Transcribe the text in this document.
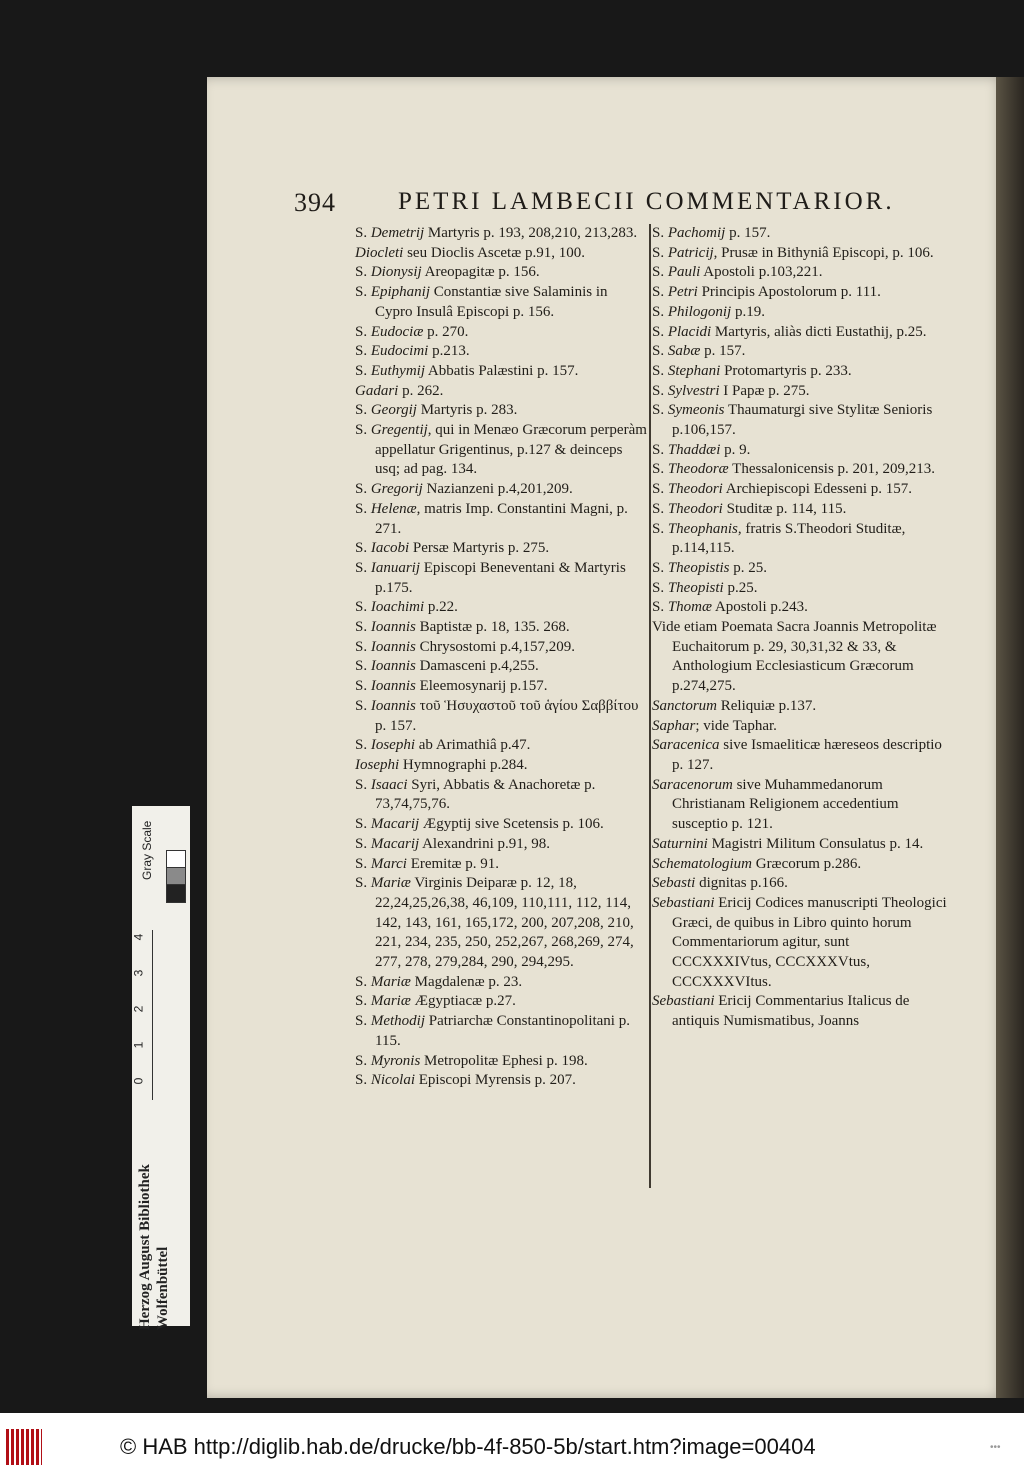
394 PETRI LAMBECII COMMENTARIOR.
S. Demetrij Martyris p. 193, 208,210, 213,283.
Diocleti seu Dioclis Ascetæ p.91, 100.
S. Dionysij Areopagitæ p. 156.
S. Epiphanij Constantiæ sive Salaminis in Cypro Insulâ Episcopi p. 156.
S. Eudociæ p. 270.
S. Eudocimi p.213.
S. Euthymij Abbatis Palæstini p. 157.
Gadari p. 262.
S. Georgij Martyris p. 283.
S. Gregentij, qui in Menæo Græcorum perperàm appellatur Grigentinus, p.127 & deinceps usq; ad pag. 134.
S. Gregorij Nazianzeni p.4,201,209.
S. Helenæ, matris Imp. Constantini Magni, p. 271.
S. Iacobi Persæ Martyris p. 275.
S. Ianuarij Episcopi Beneventani & Martyris p.175.
S. Ioachimi p.22.
S. Ioannis Baptistæ p. 18, 135. 268.
S. Ioannis Chrysostomi p.4,157,209.
S. Ioannis Damasceni p.4,255.
S. Ioannis Eleemosynarij p.157.
S. Ioannis τοῦ Ἡσυχαστοῦ τοῦ ἁγίου Σαββίτου p. 157.
S. Iosephi ab Arimathiâ p.47.
Iosephi Hymnographi p.284.
S. Isaaci Syri, Abbatis & Anachoretæ p. 73,74,75,76.
S. Macarij Ægyptij sive Scetensis p. 106.
S. Macarij Alexandrini p.91, 98.
S. Marci Eremitæ p. 91.
S. Mariæ Virginis Deiparæ p. 12, 18, 22,24,25,26,38, 46,109, 110,111, 112, 114, 142, 143, 161, 165,172, 200, 207,208, 210, 221, 234, 235, 250, 252,267, 268,269, 274, 277, 278, 279,284, 290, 294,295.
S. Mariæ Magdalenæ p. 23.
S. Mariæ Ægyptiacæ p.27.
S. Methodij Patriarchæ Constantinopolitani p. 115.
S. Myronis Metropolitæ Ephesi p. 198.
S. Nicolai Episcopi Myrensis p. 207.
S. Pachomij p. 157.
S. Patricij, Prusæ in Bithyniâ Episcopi, p. 106.
S. Pauli Apostoli p.103,221.
S. Petri Principis Apostolorum p. 111.
S. Philogonij p.19.
S. Placidi Martyris, aliàs dicti Eustathij, p.25.
S. Sabæ p. 157.
S. Stephani Protomartyris p. 233.
S. Sylvestri I Papæ p. 275.
S. Symeonis Thaumaturgi sive Stylitæ Senioris p.106,157.
S. Thaddæi p. 9.
S. Theodoræ Thessalonicensis p. 201, 209,213.
S. Theodori Archiepiscopi Edesseni p. 157.
S. Theodori Studitæ p. 114, 115.
S. Theophanis, fratris S.Theodori Studitæ, p.114,115.
S. Theopistis p. 25.
S. Theopisti p.25.
S. Thomæ Apostoli p.243.
Vide etiam Poemata Sacra Joannis Metropolitæ Euchaitorum p. 29, 30,31,32 & 33, & Anthologium Ecclesiasticum Græcorum p.274,275.
Sanctorum Reliquiæ p.137.
Saphar; vide Taphar.
Saracenica sive Ismaeliticæ hæreseos descriptio p. 127.
Saracenorum sive Muhammedanorum Christianam Religionem accedentium susceptio p. 121.
Saturnini Magistri Militum Consulatus p. 14.
Schematologium Græcorum p.286.
Sebasti dignitas p.166.
Sebastiani Ericij Codices manuscripti Theologici Græci, de quibus in Libro quinto horum Commentariorum agitur, sunt CCCXXXIVtus, CCCXXXVtus, CCCXXXVItus.
Sebastiani Ericij Commentarius Italicus de antiquis Numismatibus, Joanns
Gray Scale
4
3
2
1
0
Herzog August Bibliothek Wolfenbüttel
© HAB http://diglib.hab.de/drucke/bb-4f-850-5b/start.htm?image=00404	•••
